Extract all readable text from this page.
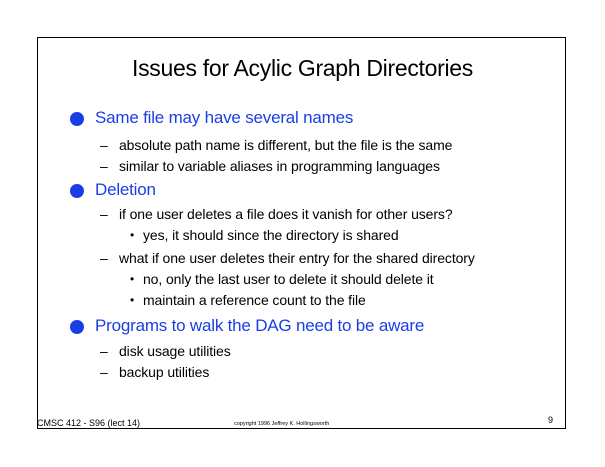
Issues for Acylic Graph Directories
Same file may have several names
– absolute path name is different, but the file is the same
– similar to variable aliases in programming languages
Deletion
– if one user deletes a file does it vanish for other users?
• yes, it should since the directory is shared
– what if one user deletes their entry for the shared directory
• no, only the last user to delete it should delete it
• maintain a reference count to the file
Programs to walk the DAG need to be aware
– disk usage utilities
– backup utilities
CMSC 412 - S96 (lect 14)	copyright 1996 Jeffrey K. Hollingsworth	9
